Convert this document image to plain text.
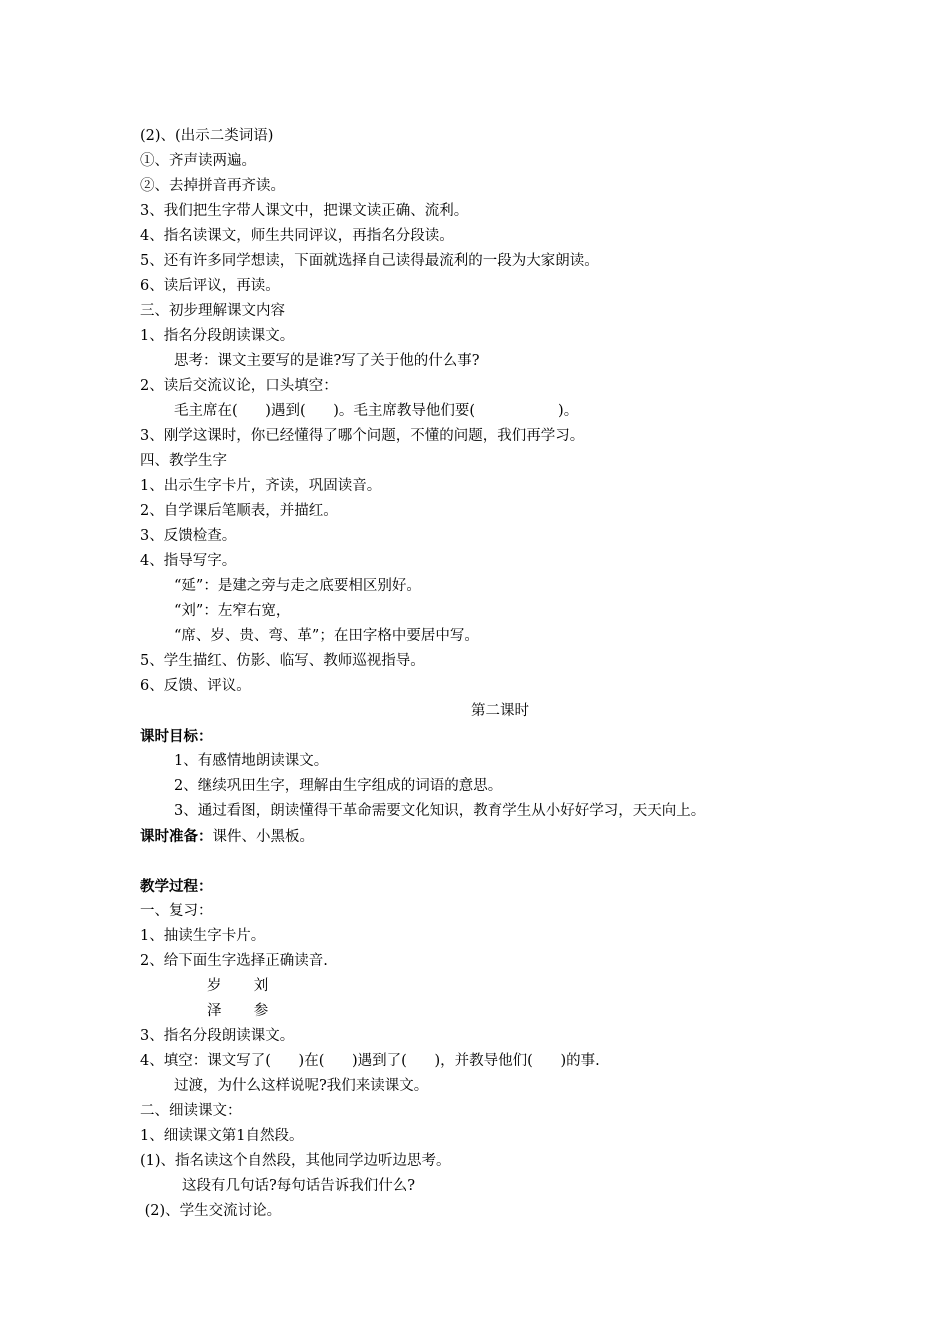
(2)、(出示二类词语)
①、齐声读两遍。
②、去掉拼音再齐读。
3、我们把生字带人课文中，把课文读正确、流利。
4、指名读课文，师生共同评议，再指名分段读。
5、还有许多同学想读，下面就选择自己读得最流利的一段为大家朗读。
6、读后评议，再读。
三、初步理解课文内容
1、指名分段朗读课文。
思考：课文主要写的是谁?写了关于他的什么事?
2、读后交流议论，口头填空：
毛主席在(      )遇到(      )。毛主席教导他们要(                  )。
3、刚学这课时，你已经懂得了哪个问题，不懂的问题，我们再学习。
四、教学生字
1、出示生字卡片，齐读，巩固读音。
2、自学课后笔顺表，并描红。
3、反馈检查。
4、指导写字。
“延”：是建之旁与走之底要相区别好。
“刘”：左窄右宽，
“席、岁、贵、弯、革”；在田字格中要居中写。
5、学生描红、仿影、临写、教师巡视指导。
6、反馈、评议。
第二课时
课时目标：
1、有感情地朗读课文。
2、继续巩田生字，理解由生字组成的词语的意思。
3、通过看图，朗读懂得干革命需要文化知识，教育学生从小好好学习，天天向上。
课时准备：课件、小黑板。
教学过程：
一、复习：
1、抽读生字卡片。
2、给下面生字选择正确读音.
岁       刘
泽       参
3、指名分段朗读课文。
4、填空：课文写了(      )在(      )遇到了(      )，并教导他们(      )的事.
过渡，为什么这样说呢?我们来读课文。
二、细读课文：
1、细读课文第1自然段。
(1)、指名读这个自然段，其他同学边听边思考。
这段有几句话?每句话告诉我们什么?
(2)、学生交流讨论。
